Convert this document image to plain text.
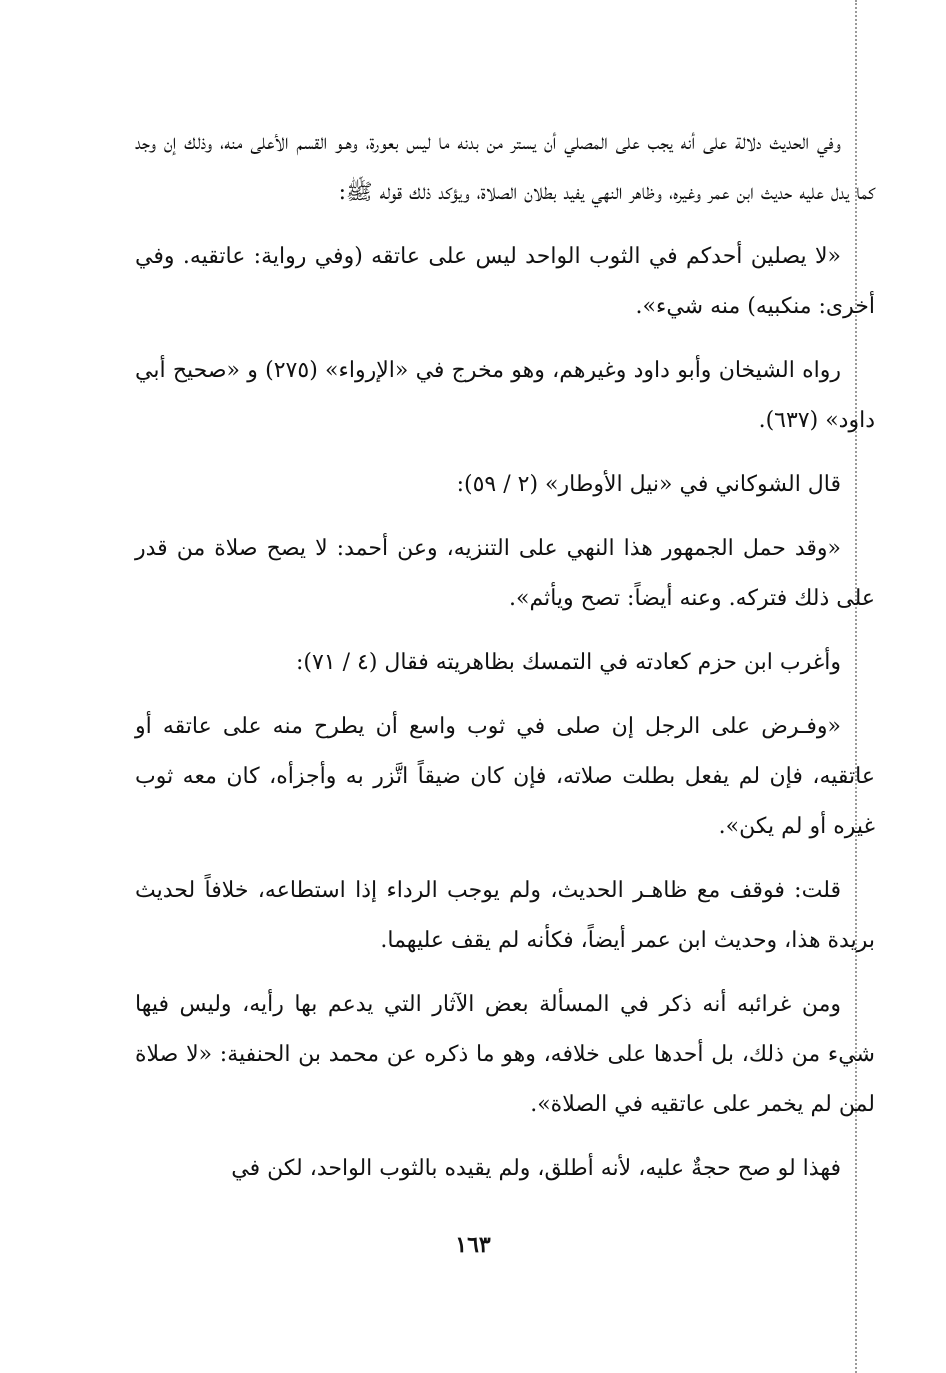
وفي الحديث دلالة على أنه يجب على المصلي أن يستر من بدنه ما ليس بعورة، وهـو القسم الأعلى منه، وذلك إن وجد كما يدل عليه حديث ابن عمر وغيره، وظاهر النهي يفيد بطلان الصلاة، ويؤكد ذلك قوله ﷺ:

«لا يصلين أحدكم في الثوب الواحد ليس على عاتقه (وفي رواية: عاتقيه. وفي أخرى: منكبيه) منه شيء».

رواه الشيخان وأبو داود وغيرهم، وهو مخرج في «الإرواء» (٢٧٥) و «صحيح أبي داود» (٦٣٧).

قال الشوكاني في «نيل الأوطار» (٢ / ٥٩):

«وقد حمل الجمهور هذا النهي على التنزيه، وعن أحمد: لا يصح صلاة من قدر على ذلك فتركه. وعنه أيضاً: تصح ويأثم».

وأغرب ابن حزم كعادته في التمسك بظاهريته فقال (٤ / ٧١):

«وفـرض على الرجل إن صلى في ثوب واسع أن يطرح منه على عاتقه أو عاتقيه، فإن لم يفعل بطلت صلاته، فإن كان ضيقاً اتَّزر به وأجزأه، كان معه ثوب غيره أو لم يكن».

قلت: فوقف مع ظاهـر الحديث، ولم يوجب الرداء إذا استطاعه، خلافاً لحديث بريدة هذا، وحديث ابن عمر أيضاً، فكأنه لم يقف عليهما.

ومن غرائبه أنه ذكر في المسألة بعض الآثار التي يدعم بها رأيه، وليس فيها شيء من ذلك، بل أحدها على خلافه، وهو ما ذكره عن محمد بن الحنفية: «لا صلاة لمن لم يخمر على عاتقيه في الصلاة».

فهذا لو صح حجةٌ عليه، لأنه أطلق، ولم يقيده بالثوب الواحد، لكن في

١٦٣
